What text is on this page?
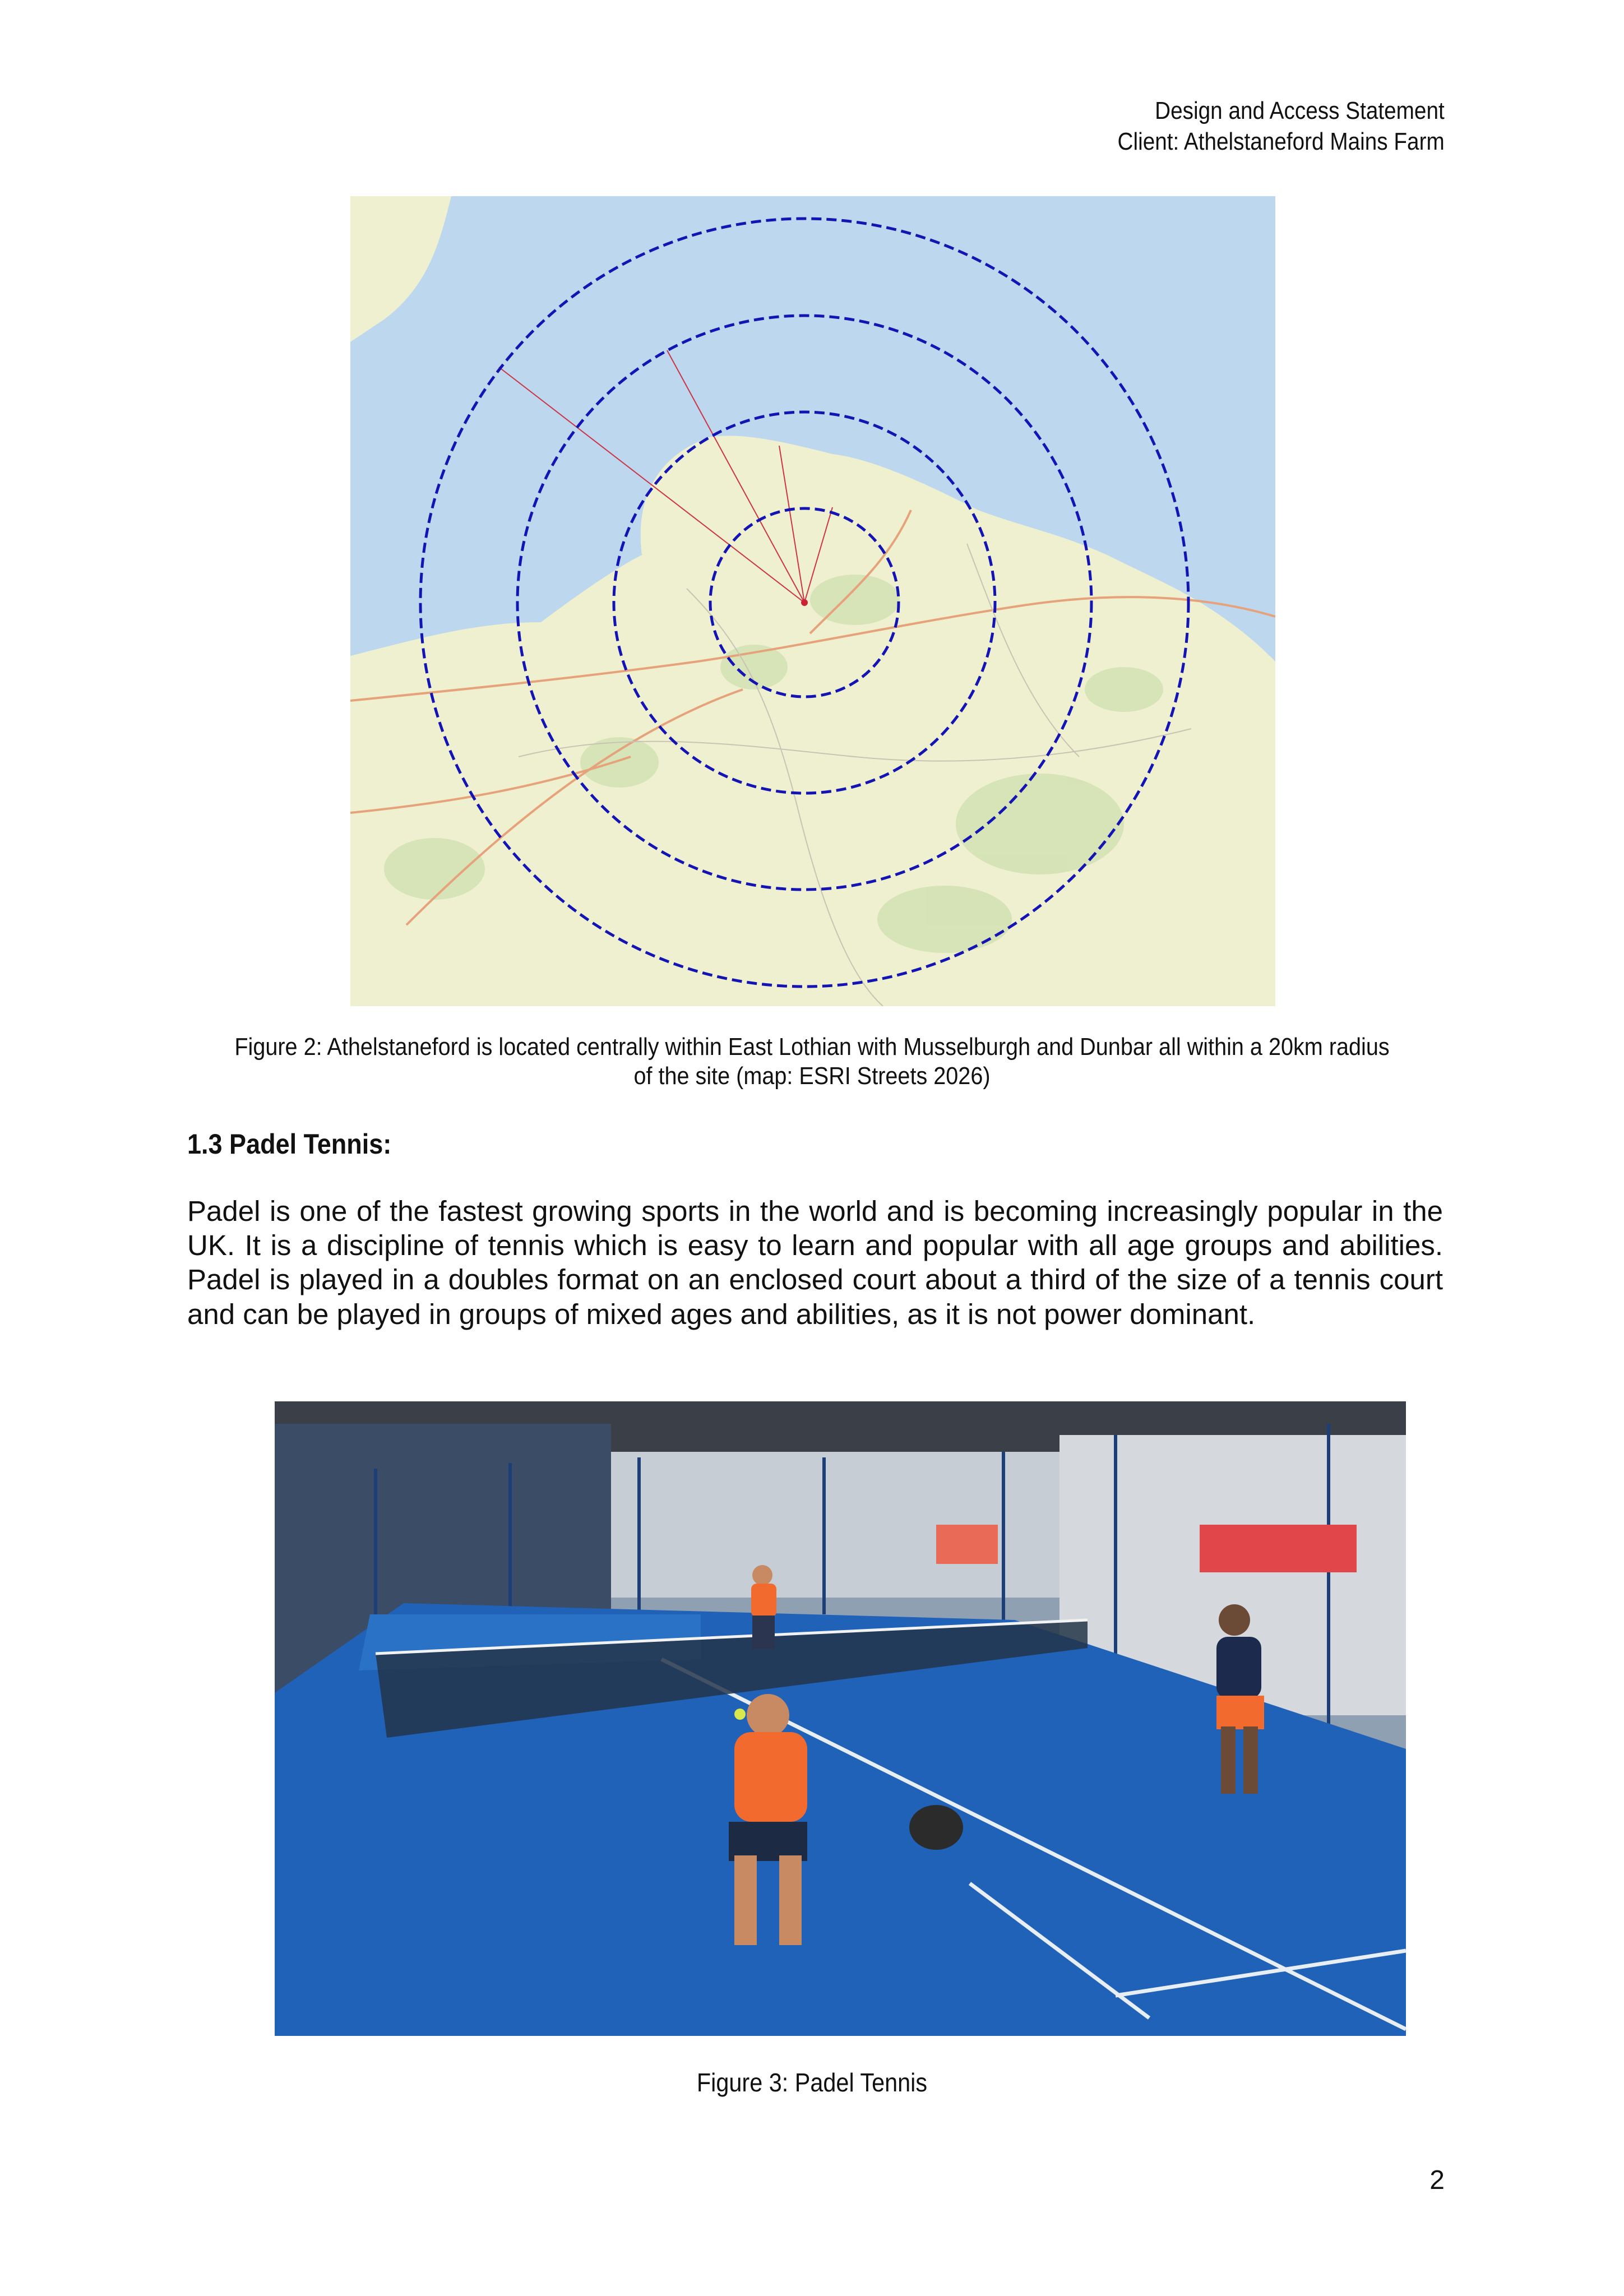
Design and Access Statement
Client: Athelstaneford Mains Farm
Figure 2: Athelstaneford is located centrally within East Lothian with Musselburgh and Dunbar all within a 20km radius
of the site (map: ESRI Streets 2026)
1.3 Padel Tennis:
Padel is one of the fastest growing sports in the world and is becoming increasingly popular in the UK. It is a discipline of tennis which is easy to learn and popular with all age groups and abilities. Padel is played in a doubles format on an enclosed court about a third of the size of a tennis court and can be played in groups of mixed ages and abilities, as it is not power dominant.
Figure 3: Padel Tennis
2
